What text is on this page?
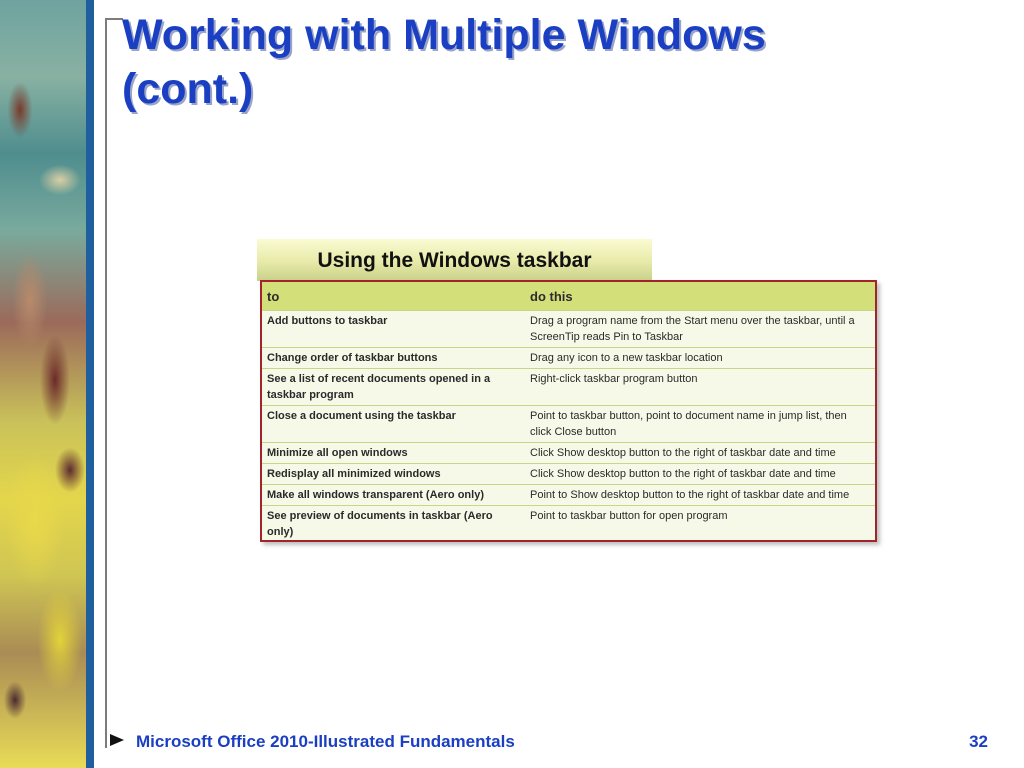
Working with Multiple Windows
(cont.)
Using the Windows taskbar
to	do this
Add buttons to taskbar	Drag a program name from the Start menu over the taskbar, until a ScreenTip reads Pin to Taskbar
Change order of taskbar buttons	Drag any icon to a new taskbar location
See a list of recent documents opened in a taskbar program	Right-click taskbar program button
Close a document using the taskbar	Point to taskbar button, point to document name in jump list, then click Close button
Minimize all open windows	Click Show desktop button to the right of taskbar date and time
Redisplay all minimized windows	Click Show desktop button to the right of taskbar date and time
Make all windows transparent (Aero only)	Point to Show desktop button to the right of taskbar date and time
See preview of documents in taskbar (Aero only)	Point to taskbar button for open program

Microsoft Office 2010-Illustrated Fundamentals	32
